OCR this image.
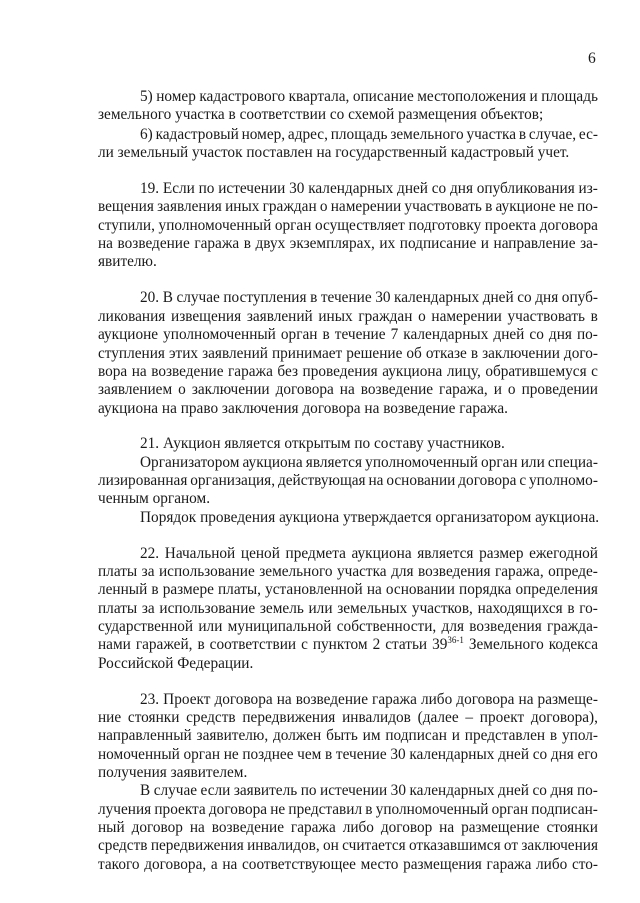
6
5) номер кадастрового квартала, описание местоположения и площадь
земельного участка в соответствии со схемой размещения объектов;
6) кадастровый номер, адрес, площадь земельного участка в случае, ес-
ли земельный участок поставлен на государственный кадастровый учет.
19. Если по истечении 30 календарных дней со дня опубликования из-
вещения заявления иных граждан о намерении участвовать в аукционе не по-
ступили, уполномоченный орган осуществляет подготовку проекта договора
на возведение гаража в двух экземплярах, их подписание и направление за-
явителю.
20. В случае поступления в течение 30 календарных дней со дня опуб-
ликования извещения заявлений иных граждан о намерении участвовать в
аукционе уполномоченный орган в течение 7 календарных дней со дня по-
ступления этих заявлений принимает решение об отказе в заключении дого-
вора на возведение гаража без проведения аукциона лицу, обратившемуся с
заявлением о заключении договора на возведение гаража, и о проведении
аукциона на право заключения договора на возведение гаража.
21. Аукцион является открытым по составу участников.
Организатором аукциона является уполномоченный орган или специа-
лизированная организация, действующая на основании договора с уполномо-
ченным органом.
Порядок проведения аукциона утверждается организатором аукциона.
22. Начальной ценой предмета аукциона является размер ежегодной
платы за использование земельного участка для возведения гаража, опреде-
ленный в размере платы, установленной на основании порядка определения
платы за использование земель или земельных участков, находящихся в го-
сударственной или муниципальной собственности, для возведения гражда-
нами гаражей, в соответствии с пунктом 2 статьи 39$^{36-1}$ Земельного кодекса
Российской Федерации.
23. Проект договора на возведение гаража либо договора на размеще-
ние стоянки средств передвижения инвалидов (далее – проект договора),
направленный заявителю, должен быть им подписан и представлен в упол-
номоченный орган не позднее чем в течение 30 календарных дней со дня его
получения заявителем.
В случае если заявитель по истечении 30 календарных дней со дня по-
лучения проекта договора не представил в уполномоченный орган подписан-
ный договор на возведение гаража либо договор на размещение стоянки
средств передвижения инвалидов, он считается отказавшимся от заключения
такого договора, а на соответствующее место размещения гаража либо сто-
